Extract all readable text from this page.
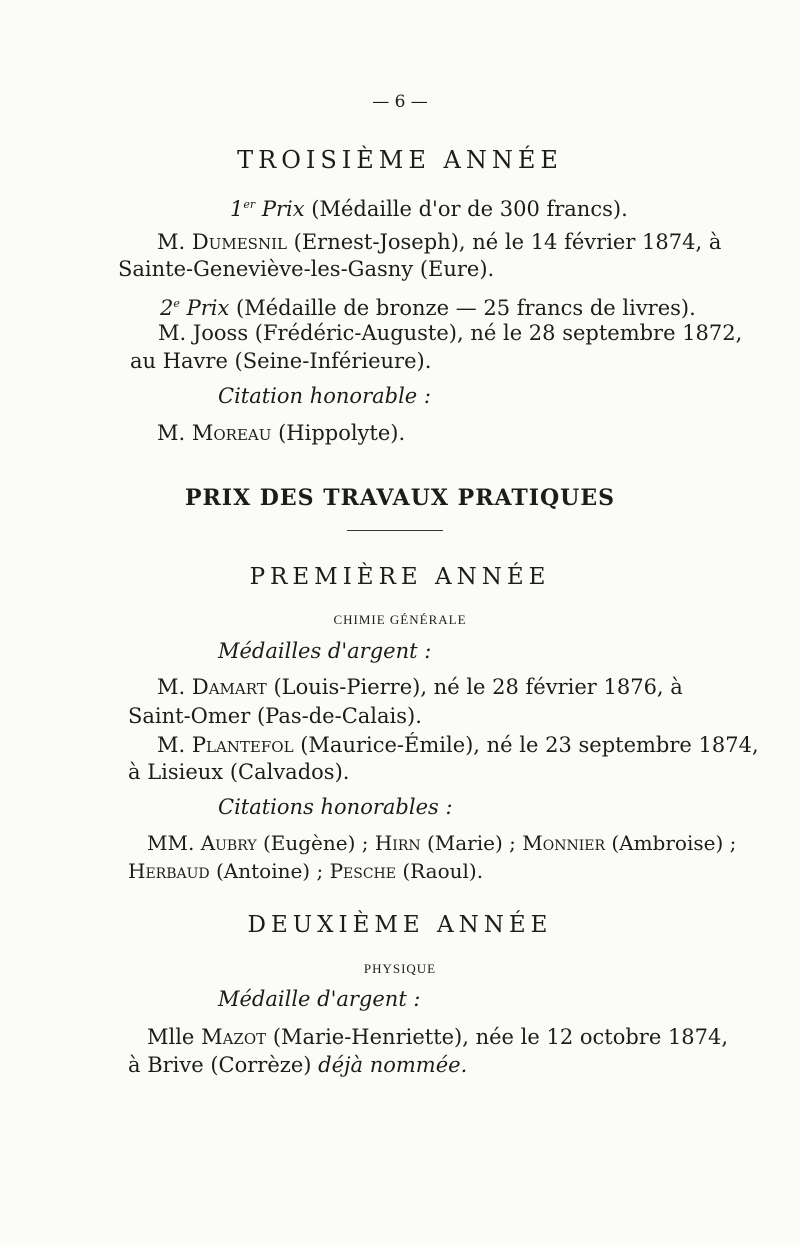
— 6 —
TROISIÈME ANNÉE
1er Prix (Médaille d'or de 300 francs).
M. Dumesnil (Ernest-Joseph), né le 14 février 1874, à
Sainte-Geneviève-les-Gasny (Eure).
2e Prix (Médaille de bronze — 25 francs de livres).
M. Jooss (Frédéric-Auguste), né le 28 septembre 1872,
au Havre (Seine-Inférieure).
Citation honorable :
M. Moreau (Hippolyte).
PRIX DES TRAVAUX PRATIQUES
PREMIÈRE ANNÉE
CHIMIE GÉNÉRALE
Médailles d'argent :
M. Damart (Louis-Pierre), né le 28 février 1876, à
Saint-Omer (Pas-de-Calais).
M. Plantefol (Maurice-Émile), né le 23 septembre 1874,
à Lisieux (Calvados).
Citations honorables :
MM. Aubry (Eugène) ; Hirn (Marie) ; Monnier (Ambroise) ;
Herbaud (Antoine) ; Pesche (Raoul).
DEUXIÈME ANNÉE
PHYSIQUE
Médaille d'argent :
Mlle Mazot (Marie-Henriette), née le 12 octobre 1874,
à Brive (Corrèze) déjà nommée.
